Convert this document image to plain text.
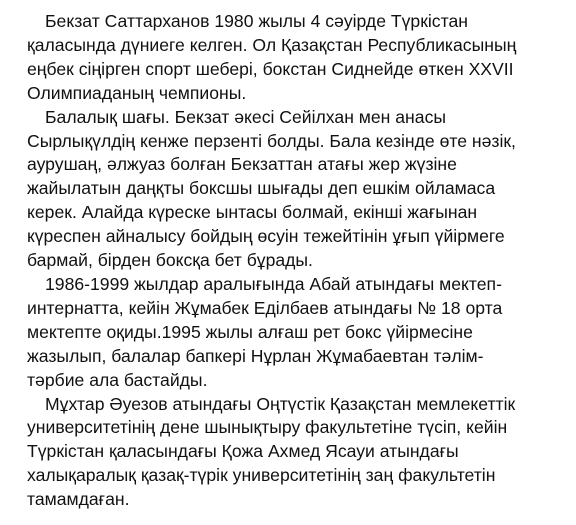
Бекзат Саттарханов 1980 жылы 4 сәуірде Түркістан
қаласында дүниеге келген. Ол Қазақстан Республикасының
еңбек сіңірген спорт шебері, бокстан Сиднейде өткен XXVII
Олимпиаданың чемпионы.
Балалық шағы. Бекзат әкесі Сейілхан мен анасы
Сырлықүлдің кенже перзенті болды. Бала кезінде өте нәзік,
аурушаң, әлжуаз болған Бекзаттан атағы жер жүзіне
жайылатын даңқты боксшы шығады деп ешкім ойламаса
керек. Алайда күреске ынтасы болмай, екінші жағынан
күреспен айналысу бойдың өсуін тежейтінін ұғып үйірмеге
бармай, бірден боксқа бет бұрады.
1986-1999 жылдар аралығында Абай атындағы мектеп-
интернатта, кейін Жұмабек Еділбаев атындағы № 18 орта
мектепте оқиды.1995 жылы алғаш рет бокс үйірмесіне
жазылып, балалар бапкері Нұрлан Жұмабаевтан тәлім-
тәрбие ала бастайды.
Мұхтар Әуезов атындағы Оңтүстік Қазақстан мемлекеттік
университетінің дене шынықтыру факультетіне түсіп, кейін
Түркістан қаласындағы Қожа Ахмед Ясауи атындағы
халықаралық қазақ-түрік университетінің заң факультетін
тамамдаған.
